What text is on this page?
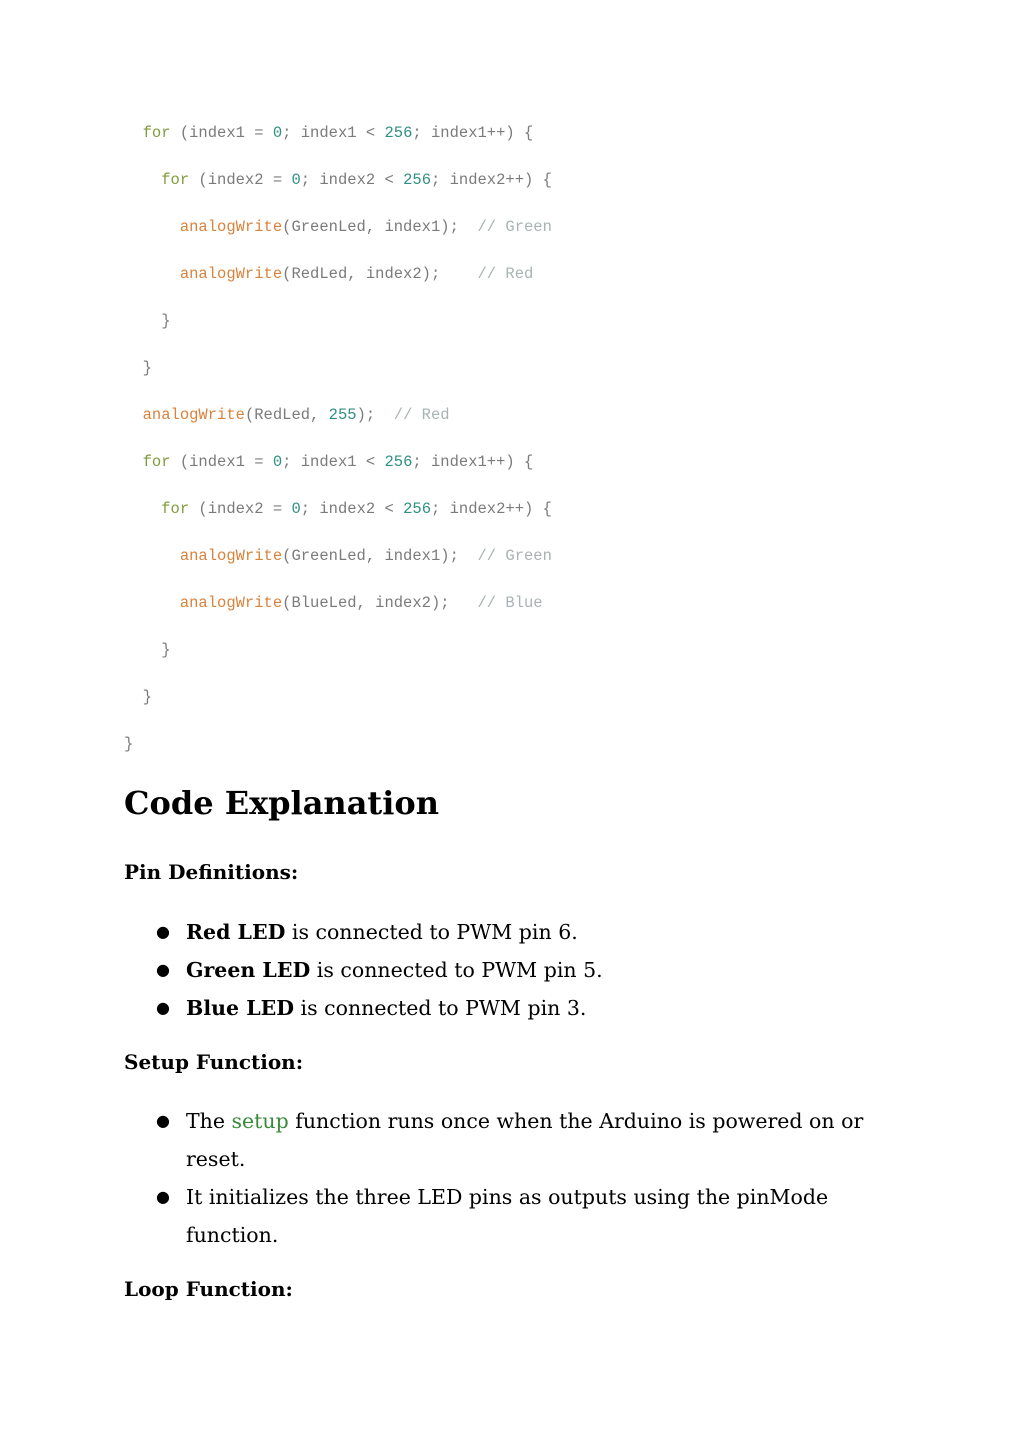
for (index1 = 0; index1 < 256; index1++) {
for (index2 = 0; index2 < 256; index2++) {
analogWrite(GreenLed, index1);  // Green
analogWrite(RedLed, index2);    // Red
}
}
analogWrite(RedLed, 255);  // Red
for (index1 = 0; index1 < 256; index1++) {
for (index2 = 0; index2 < 256; index2++) {
analogWrite(GreenLed, index1);  // Green
analogWrite(BlueLed, index2);   // Blue
}
}
}
Code Explanation

Pin Definitions:

● Red LED is connected to PWM pin 6.
● Green LED is connected to PWM pin 5.
● Blue LED is connected to PWM pin 3.

Setup Function:

● The setup function runs once when the Arduino is powered on or reset.
● It initializes the three LED pins as outputs using the pinMode function.

Loop Function:
